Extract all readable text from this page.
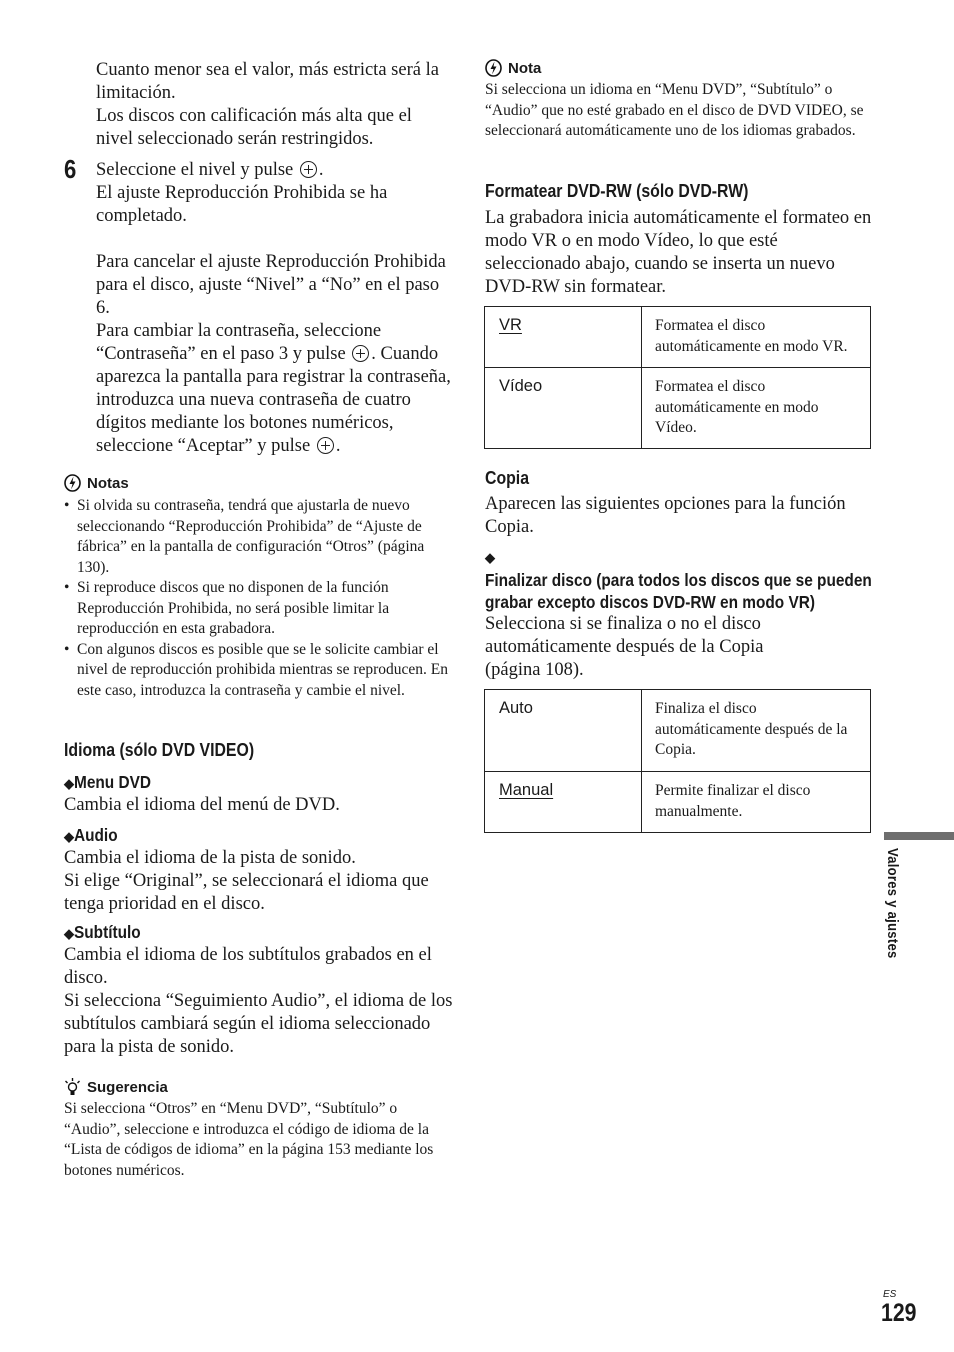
Cuanto menor sea el valor, más estricta será la limitación.

Los discos con calificación más alta que el nivel seleccionado serán restringidos.

6 Seleccione el nivel y pulse .

El ajuste Reproducción Prohibida se ha completado.

Para cancelar el ajuste Reproducción Prohibida para el disco, ajuste “Nivel” a “No” en el paso 6.

Para cambiar la contraseña, seleccione “Contraseña” en el paso 3 y pulse . Cuando aparezca la pantalla para registrar la contraseña, introduzca una nueva contraseña de cuatro dígitos mediante los botones numéricos, seleccione “Aceptar” y pulse .

Notas
• Si olvida su contraseña, tendrá que ajustarla de nuevo seleccionando “Reproducción Prohibida” de “Ajuste de fábrica” en la pantalla de configuración “Otros” (página 130).
• Si reproduce discos que no disponen de la función Reproducción Prohibida, no será posible limitar la reproducción en esta grabadora.
• Con algunos discos es posible que se le solicite cambiar el nivel de reproducción prohibida mientras se reproducen. En este caso, introduzca la contraseña y cambie el nivel.
Idioma (sólo DVD VIDEO)
◆Menu DVD
Cambia el idioma del menú de DVD.
◆Audio

Cambia el idioma de la pista de sonido.

Si elige “Original”, se seleccionará el idioma que tenga prioridad en el disco.

◆Subtítulo

Cambia el idioma de los subtítulos grabados en el disco.

Si selecciona “Seguimiento Audio”, el idioma de los subtítulos cambiará según el idioma seleccionado para la pista de sonido.

Sugerencia
Si selecciona “Otros” en “Menu DVD”, “Subtítulo” o “Audio”, seleccione e introduzca el código de idioma de la “Lista de códigos de idioma” en la página 153 mediante los botones numéricos.
Nota
Si selecciona un idioma en “Menu DVD”, “Subtítulo” o “Audio” que no esté grabado en el disco de DVD VIDEO, se seleccionará automáticamente uno de los idiomas grabados.
Formatear DVD-RW (sólo DVD-RW)
La grabadora inicia automáticamente el formateo en modo VR o en modo Vídeo, lo que esté seleccionado abajo, cuando se inserta un nuevo DVD-RW sin formatear.
VR	Formatea el disco automáticamente en modo VR.
Vídeo	Formatea el disco automáticamente en modo Vídeo.
Copia
Aparecen las siguientes opciones para la función Copia.
◆ Finalizar disco (para todos los discos que se pueden grabar excepto discos DVD-RW en modo VR)
Selecciona si se finaliza o no el disco automáticamente después de la Copia (página 108).
Auto	Finaliza el disco automáticamente después de la Copia.
Manual	Permite finalizar el disco manualmente.
Valores y ajustes
ES
129
